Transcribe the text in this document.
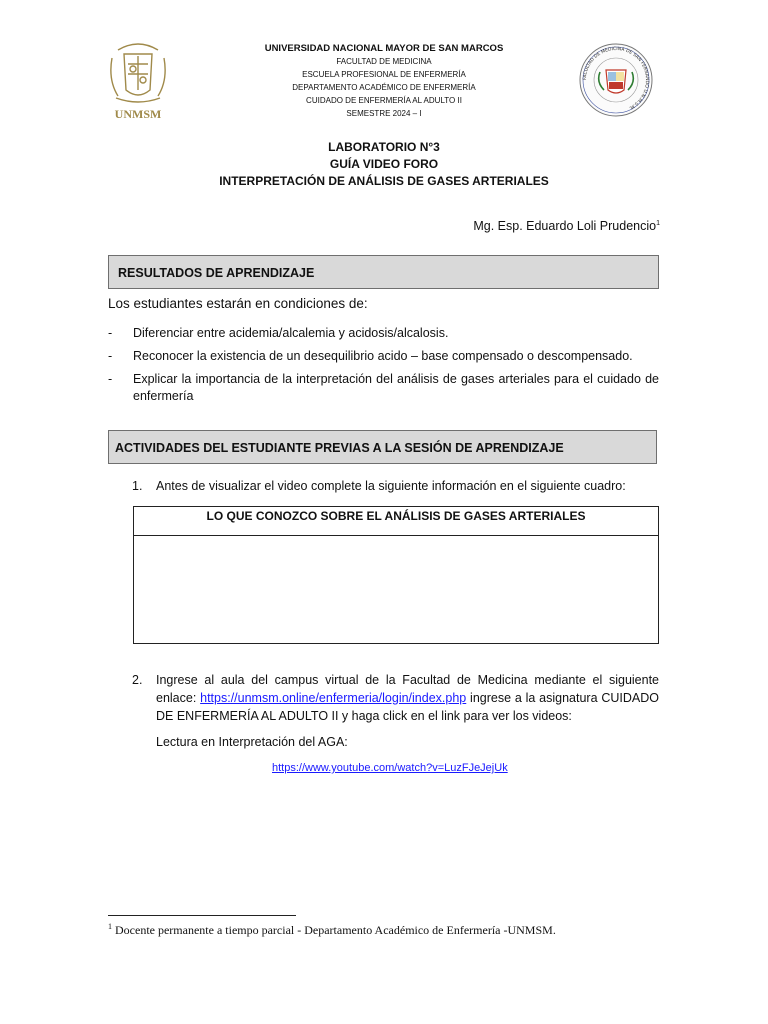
UNMSM
UNIVERSIDAD NACIONAL MAYOR DE SAN MARCOS
FACULTAD DE MEDICINA
ESCUELA PROFESIONAL DE ENFERMERÍA
DEPARTAMENTO ACADÉMICO DE ENFERMERÍA
CUIDADO DE ENFERMERÍA AL ADULTO II
SEMESTRE 2024 – I
FACULTAD DE MEDICINA DE SAN FERNANDO U.N.M.S.M.
LABORATORIO N°3
GUÍA VIDEO FORO
INTERPRETACIÓN DE ANÁLISIS DE GASES ARTERIALES
Mg. Esp. Eduardo Loli Prudencio$^1$
RESULTADOS DE APRENDIZAJE
Los estudiantes estarán en condiciones de:
-	Diferenciar entre acidemia/alcalemia y acidosis/alcalosis.
-	Reconocer la existencia de un desequilibrio acido – base compensado o descompensado.
-	Explicar la importancia de la interpretación del análisis de gases arteriales para el cuidado de enfermería
ACTIVIDADES DEL ESTUDIANTE PREVIAS A LA SESIÓN DE APRENDIZAJE
1.	Antes de visualizar el video complete la siguiente información en el siguiente cuadro:
LO QUE CONOZCO SOBRE EL ANÁLISIS DE GASES ARTERIALES
2.	Ingrese al aula del campus virtual de la Facultad de Medicina mediante el siguiente enlace: https://unmsm.online/enfermeria/login/index.php ingrese a la asignatura CUIDADO DE ENFERMERÍA AL ADULTO II y haga click en el link para ver los videos:
Lectura en Interpretación del AGA:
https://www.youtube.com/watch?v=LuzFJeJejUk
$^1$ Docente permanente a tiempo parcial - Departamento Académico de Enfermería -UNMSM.
